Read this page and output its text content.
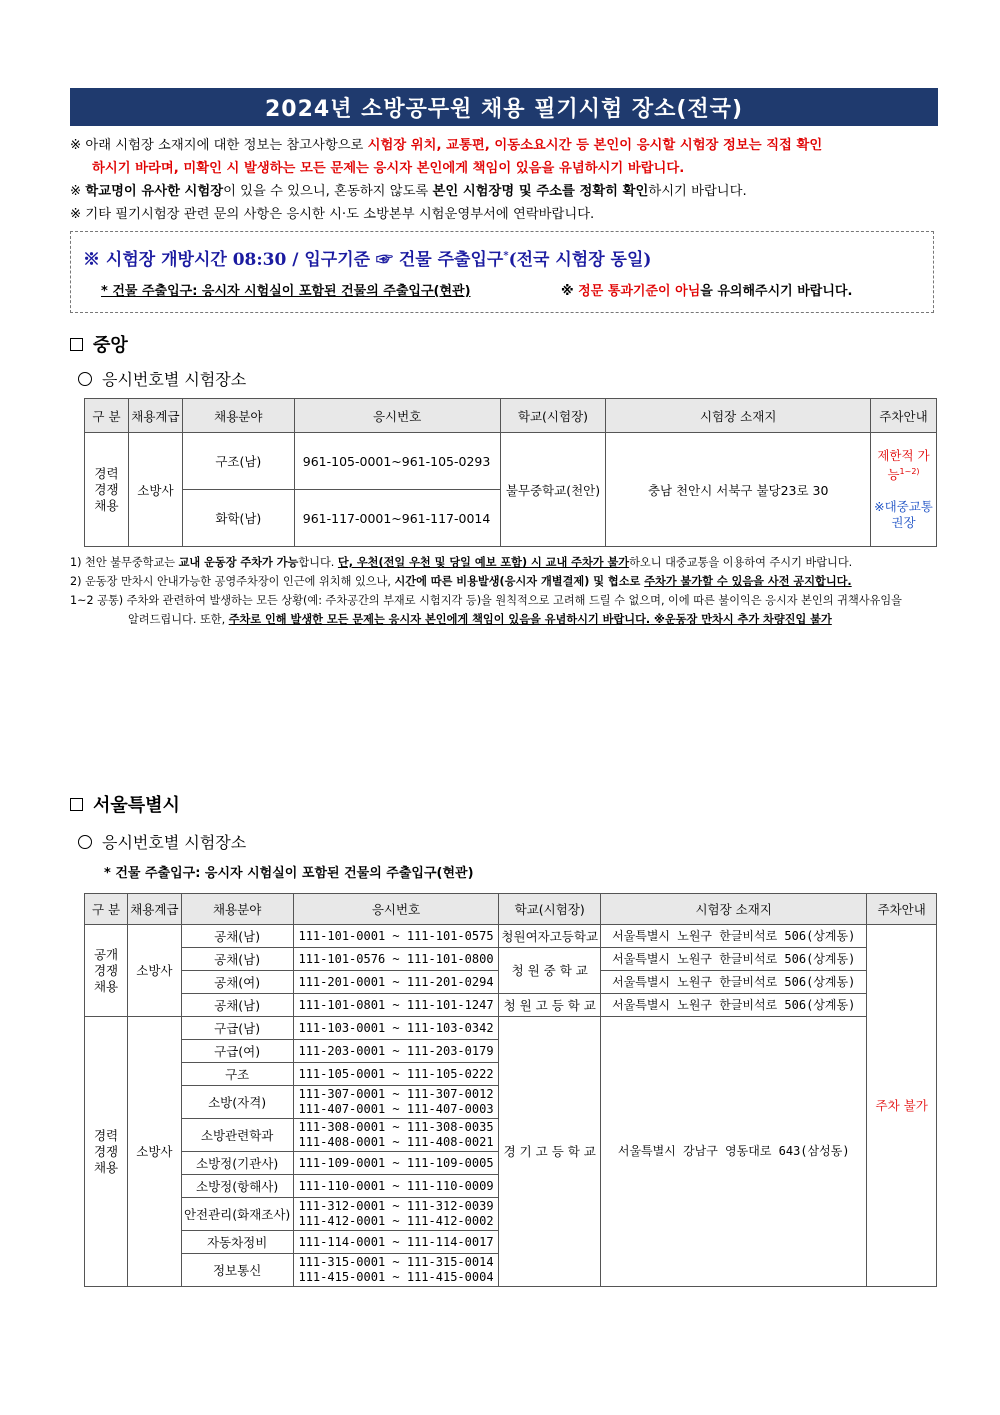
2024년 소방공무원 채용 필기시험 장소(전국)

※ 아래 시험장 소재지에 대한 정보는 참고사항으로 시험장 위치, 교통편, 이동소요시간 등 본인이 응시할 시험장 정보는 직접 확인

하시기 바라며, 미확인 시 발생하는 모든 문제는 응시자 본인에게 책임이 있음을 유념하시기 바랍니다.

※ 학교명이 유사한 시험장이 있을 수 있으니, 혼동하지 않도록 본인 시험장명 및 주소를 정확히 확인하시기 바랍니다.

※ 기타 필기시험장 관련 문의 사항은 응시한 시·도 소방본부 시험운영부서에 연락바랍니다.

※ 시험장 개방시간 08:30 / 입구기준 ☞ 건물 주출입구*(전국 시험장 동일)
* 건물 주출입구: 응시자 시험실이 포함된 건물의 주출입구(현관)	※ 정문 통과기준이 아님을 유의해주시기 바랍니다.
중앙
응시번호별 시험장소
구 분	채용계급	채용분야	응시번호	학교(시험장)	시험장 소재지	주차안내
경력
경쟁
채용	소방사	구조(남)	961-105-0001~961-105-0293	불무중학교(천안)	충남 천안시 서북구 불당23로 30	제한적 가능$^{1\sim 2)}$

※대중교통 권장
		화학(남)	961-117-0001~961-117-0014			

1) 천안 불무중학교는 교내 운동장 주차가 가능합니다. 단, 우천(전일 우천 및 당일 예보 포함) 시 교내 주차가 불가하오니 대중교통을 이용하여 주시기 바랍니다.

2) 운동장 만차시 안내가능한 공영주차장이 인근에 위치해 있으나, 시간에 따른 비용발생(응시자 개별결제) 및 협소로 주차가 불가할 수 있음을 사전 공지합니다.

1~2 공통) 주차와 관련하여 발생하는 모든 상황(예: 주차공간의 부재로 시험지각 등)을 원칙적으로 고려해 드릴 수 없으며, 이에 따른 불이익은 응시자 본인의 귀책사유임을

알려드립니다. 또한, 주차로 인해 발생한 모든 문제는 응시자 본인에게 책임이 있음을 유념하시기 바랍니다. ※운동장 만차시 추가 차량진입 불가

서울특별시
응시번호별 시험장소
* 건물 주출입구: 응시자 시험실이 포함된 건물의 주출입구(현관)
구 분	채용계급	채용분야	응시번호	학교(시험장)	시험장 소재지	주차안내
공개
경쟁
채용	소방사	공채(남)	111-101-0001 ~ 111-101-0575	청원여자고등학교	서울특별시 노원구 한글비석로 506(상계동)	주차 불가
		공채(남)	111-101-0576 ~ 111-101-0800	청 원 중 학 교	서울특별시 노원구 한글비석로 506(상계동)	
		공채(여)	111-201-0001 ~ 111-201-0294		서울특별시 노원구 한글비석로 506(상계동)	
		공채(남)	111-101-0801 ~ 111-101-1247	청 원 고 등 학 교	서울특별시 노원구 한글비석로 506(상계동)	
경력
경쟁
채용	소방사	구급(남)	111-103-0001 ~ 111-103-0342	경 기 고 등 학 교	서울특별시 강남구 영동대로 643(삼성동)	
		구급(여)	111-203-0001 ~ 111-203-0179			
		구조	111-105-0001 ~ 111-105-0222			
		소방(자격)	111-307-0001 ~ 111-307-0012
111-407-0001 ~ 111-407-0003			
		소방관련학과	111-308-0001 ~ 111-308-0035
111-408-0001 ~ 111-408-0021			
		소방정(기관사)	111-109-0001 ~ 111-109-0005			
		소방정(항해사)	111-110-0001 ~ 111-110-0009			
		안전관리(화재조사)	111-312-0001 ~ 111-312-0039
111-412-0001 ~ 111-412-0002			
		자동차정비	111-114-0001 ~ 111-114-0017			
		정보통신	111-315-0001 ~ 111-315-0014
111-415-0001 ~ 111-415-0004			
